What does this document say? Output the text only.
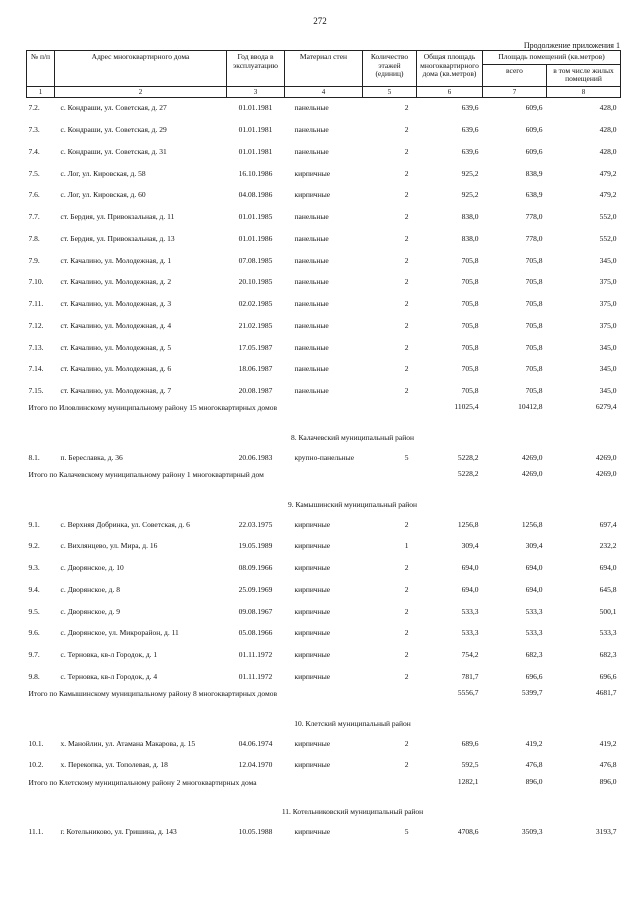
272
Продолжение приложения 1
№ п/п	Адрес многоквартирного дома	Год ввода в эксплуатацию	Материал стен	Количество этажей (единиц)	Общая площадь многоквартирного дома (кв.метров)	Площадь помещений (кв.метров)	
						всего	в том числе жилых помещений
1	2	3	4	5	6	7	8
7.2.	с. Кондраши, ул. Советская, д. 27	01.01.1981	панельные	2	639,6	609,6	428,0
7.3.	с. Кондраши, ул. Советская, д. 29	01.01.1981	панельные	2	639,6	609,6	428,0
7.4.	с. Кондраши, ул. Советская, д. 31	01.01.1981	панельные	2	639,6	609,6	428,0
7.5.	с. Лог, ул. Кировская, д. 58	16.10.1986	кирпичные	2	925,2	838,9	479,2
7.6.	с. Лог, ул. Кировская, д. 60	04.08.1986	кирпичные	2	925,2	638,9	479,2
7.7.	ст. Бердия, ул. Привокзальная, д. 11	01.01.1985	панельные	2	838,0	778,0	552,0
7.8.	ст. Бердия, ул. Привокзальная, д. 13	01.01.1986	панельные	2	838,0	778,0	552,0
7.9.	ст. Качалино, ул. Молодежная, д. 1	07.08.1985	панельные	2	705,8	705,8	345,0
7.10.	ст. Качалино, ул. Молодежная, д. 2	20.10.1985	панельные	2	705,8	705,8	375,0
7.11.	ст. Качалино, ул. Молодежная, д. 3	02.02.1985	панельные	2	705,8	705,8	375,0
7.12.	ст. Качалино, ул. Молодежная, д. 4	21.02.1985	панельные	2	705,8	705,8	375,0
7.13.	ст. Качалино, ул. Молодежная, д. 5	17.05.1987	панельные	2	705,8	705,8	345,0
7.14.	ст. Качалино, ул. Молодежная, д. 6	18.06.1987	панельные	2	705,8	705,8	345,0
7.15.	ст. Качалино, ул. Молодежная, д. 7	20.08.1987	панельные	2	705,8	705,8	345,0
Итого по Иловлинскому муниципальному району 15 многоквартирных домов					11025,4	10412,8	6279,4
8. Калачевский муниципальный район							
8.1.	п. Береславка, д. 36	20.06.1983	крупно-панельные	5	5228,2	4269,0	4269,0
Итого по Калачевскому муниципальному району 1 многоквартирный дом					5228,2	4269,0	4269,0
9. Камышинский муниципальный район							
9.1.	с. Верхняя Добринка, ул. Советская, д. 6	22.03.1975	кирпичные	2	1256,8	1256,8	697,4
9.2.	с. Вихлянцево, ул. Мира, д. 16	19.05.1989	кирпичные	1	309,4	309,4	232,2
9.3.	с. Дворянское, д. 10	08.09.1966	кирпичные	2	694,0	694,0	694,0
9.4.	с. Дворянское, д. 8	25.09.1969	кирпичные	2	694,0	694,0	645,8
9.5.	с. Дворянское, д. 9	09.08.1967	кирпичные	2	533,3	533,3	500,1
9.6.	с. Дворянское, ул. Микрорайон, д. 11	05.08.1966	кирпичные	2	533,3	533,3	533,3
9.7.	с. Терновка, кв-л Городок, д. 1	01.11.1972	кирпичные	2	754,2	682,3	682,3
9.8.	с. Терновка, кв-л Городок, д. 4	01.11.1972	кирпичные	2	781,7	696,6	696,6
Итого по Камышинскому муниципальному району 8 многоквартирных домов					5556,7	5399,7	4681,7
10. Клетский муниципальный район							
10.1.	х. Манойлин, ул. Атамана Макарова, д. 15	04.06.1974	кирпичные	2	689,6	419,2	419,2
10.2.	х. Перекопка, ул. Тополевая, д. 18	12.04.1970	кирпичные	2	592,5	476,8	476,8
Итого по Клетскому муниципальному району 2 многоквартирных дома					1282,1	896,0	896,0
11. Котельниковский муниципальный район							
11.1.	г. Котельниково, ул. Гришина, д. 143	10.05.1988	кирпичные	5	4708,6	3509,3	3193,7
